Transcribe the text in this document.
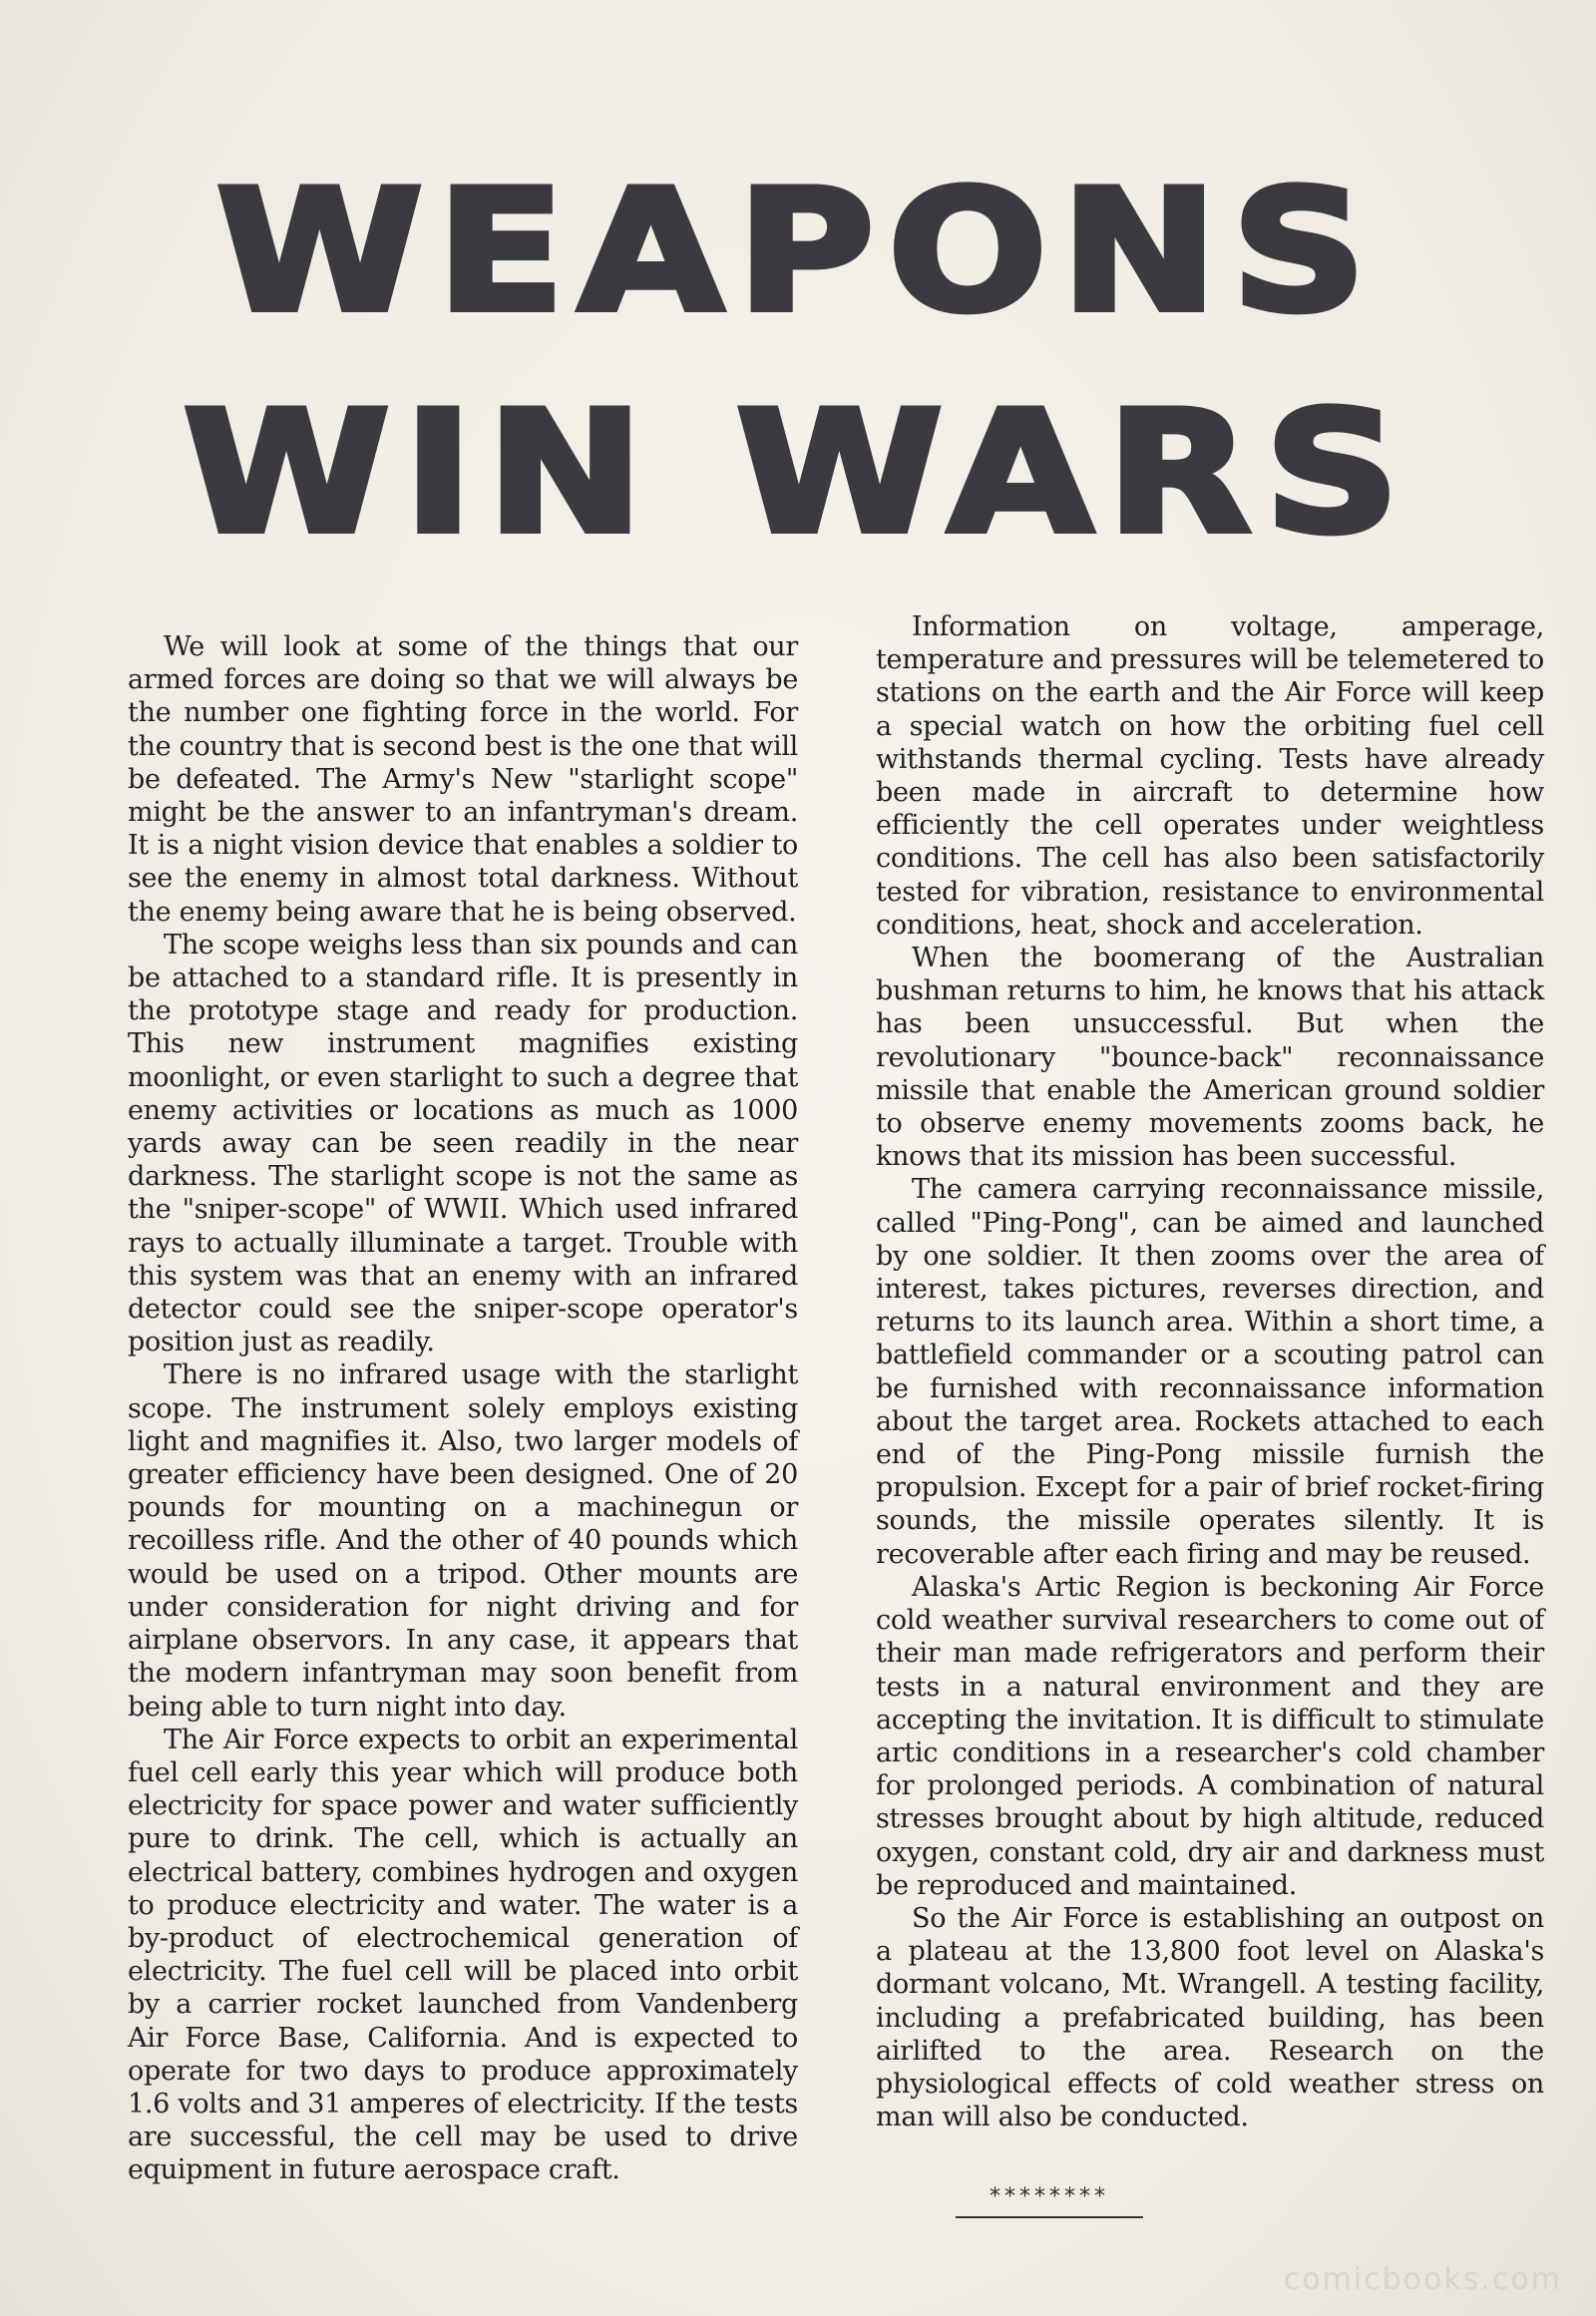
WEAPONS
WIN WARS

We will look at some of the things that our armed forces are doing so that we will always be the number one fighting force in the world. For the country that is second best is the one that will be defeated. The Army's New "starlight scope" might be the answer to an infantryman's dream. It is a night vision device that enables a soldier to see the enemy in almost total darkness. Without the enemy being aware that he is being observed.

The scope weighs less than six pounds and can be attached to a standard rifle. It is presently in the prototype stage and ready for production. This new instrument magnifies existing moonlight, or even starlight to such a degree that enemy activities or locations as much as 1000 yards away can be seen readily in the near darkness. The starlight scope is not the same as the "sniper-scope" of WWII. Which used infrared rays to actually illuminate a target. Trouble with this system was that an enemy with an infrared detector could see the sniper-scope operator's position just as readily.

There is no infrared usage with the starlight scope. The instrument solely employs existing light and magnifies it. Also, two larger models of greater efficiency have been designed. One of 20 pounds for mounting on a machinegun or recoilless rifle. And the other of 40 pounds which would be used on a tripod. Other mounts are under consideration for night driving and for airplane observors. In any case, it appears that the modern infantryman may soon benefit from being able to turn night into day.

The Air Force expects to orbit an experimental fuel cell early this year which will produce both electricity for space power and water sufficiently pure to drink. The cell, which is actually an electrical battery, combines hydrogen and oxygen to produce electricity and water. The water is a by-product of electrochemical generation of electricity. The fuel cell will be placed into orbit by a carrier rocket launched from Vandenberg Air Force Base, California. And is expected to operate for two days to produce approximately 1.6 volts and 31 amperes of electricity. If the tests are successful, the cell may be used to drive equipment in future aerospace craft.

Information on voltage, amperage, temperature and pressures will be telemetered to stations on the earth and the Air Force will keep a special watch on how the orbiting fuel cell withstands thermal cycling. Tests have already been made in aircraft to determine how efficiently the cell operates under weightless conditions. The cell has also been satisfactorily tested for vibration, resistance to environmental conditions, heat, shock and acceleration.

When the boomerang of the Australian bushman returns to him, he knows that his attack has been unsuccessful. But when the revolutionary "bounce-back" reconnaissance missile that enable the American ground soldier to observe enemy movements zooms back, he knows that its mission has been successful.

The camera carrying reconnaissance missile, called "Ping-Pong", can be aimed and launched by one soldier. It then zooms over the area of interest, takes pictures, reverses direction, and returns to its launch area. Within a short time, a battlefield commander or a scouting patrol can be furnished with reconnaissance information about the target area. Rockets attached to each end of the Ping-Pong missile furnish the propulsion. Except for a pair of brief rocket-firing sounds, the missile operates silently. It is recoverable after each firing and may be reused.

Alaska's Artic Region is beckoning Air Force cold weather survival researchers to come out of their man made refrigerators and perform their tests in a natural environment and they are accepting the invitation. It is difficult to stimulate artic conditions in a researcher's cold chamber for prolonged periods. A combination of natural stresses brought about by high altitude, reduced oxygen, constant cold, dry air and darkness must be reproduced and maintained.

So the Air Force is establishing an outpost on a plateau at the 13,800 foot level on Alaska's dormant volcano, Mt. Wrangell. A testing facility, including a prefabricated building, has been airlifted to the area. Research on the physiological effects of cold weather stress on man will also be conducted.

********
comicbooks.com
